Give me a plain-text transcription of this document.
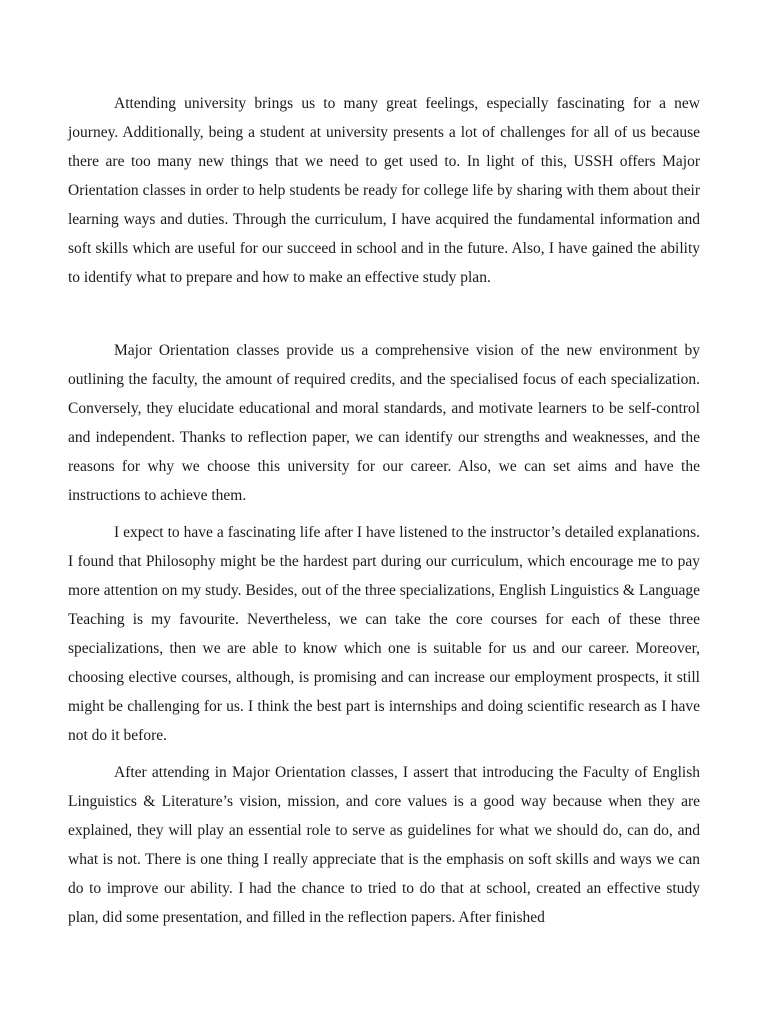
Attending university brings us to many great feelings, especially fascinating for a new journey. Additionally, being a student at university presents a lot of challenges for all of us because there are too many new things that we need to get used to. In light of this, USSH offers Major Orientation classes in order to help students be ready for college life by sharing with them about their learning ways and duties. Through the curriculum, I have acquired the fundamental information and soft skills which are useful for our succeed in school and in the future. Also, I have gained the ability to identify what to prepare and how to make an effective study plan.

Major Orientation classes provide us a comprehensive vision of the new environment by outlining the faculty, the amount of required credits, and the specialised focus of each specialization. Conversely, they elucidate educational and moral standards, and motivate learners to be self-control and independent. Thanks to reflection paper, we can identify our strengths and weaknesses, and the reasons for why we choose this university for our career. Also, we can set aims and have the instructions to achieve them.

I expect to have a fascinating life after I have listened to the instructor’s detailed explanations. I found that Philosophy might be the hardest part during our curriculum, which encourage me to pay more attention on my study. Besides, out of the three specializations, English Linguistics & Language Teaching is my favourite. Nevertheless, we can take the core courses for each of these three specializations, then we are able to know which one is suitable for us and our career. Moreover, choosing elective courses, although, is promising and can increase our employment prospects, it still might be challenging for us. I think the best part is internships and doing scientific research as I have not do it before.

After attending in Major Orientation classes, I assert that introducing the Faculty of English Linguistics & Literature’s vision, mission, and core values is a good way because when they are explained, they will play an essential role to serve as guidelines for what we should do, can do, and what is not. There is one thing I really appreciate that is the emphasis on soft skills and ways we can do to improve our ability. I had the chance to tried to do that at school, created an effective study plan, did some presentation, and filled in the reflection papers. After finished
